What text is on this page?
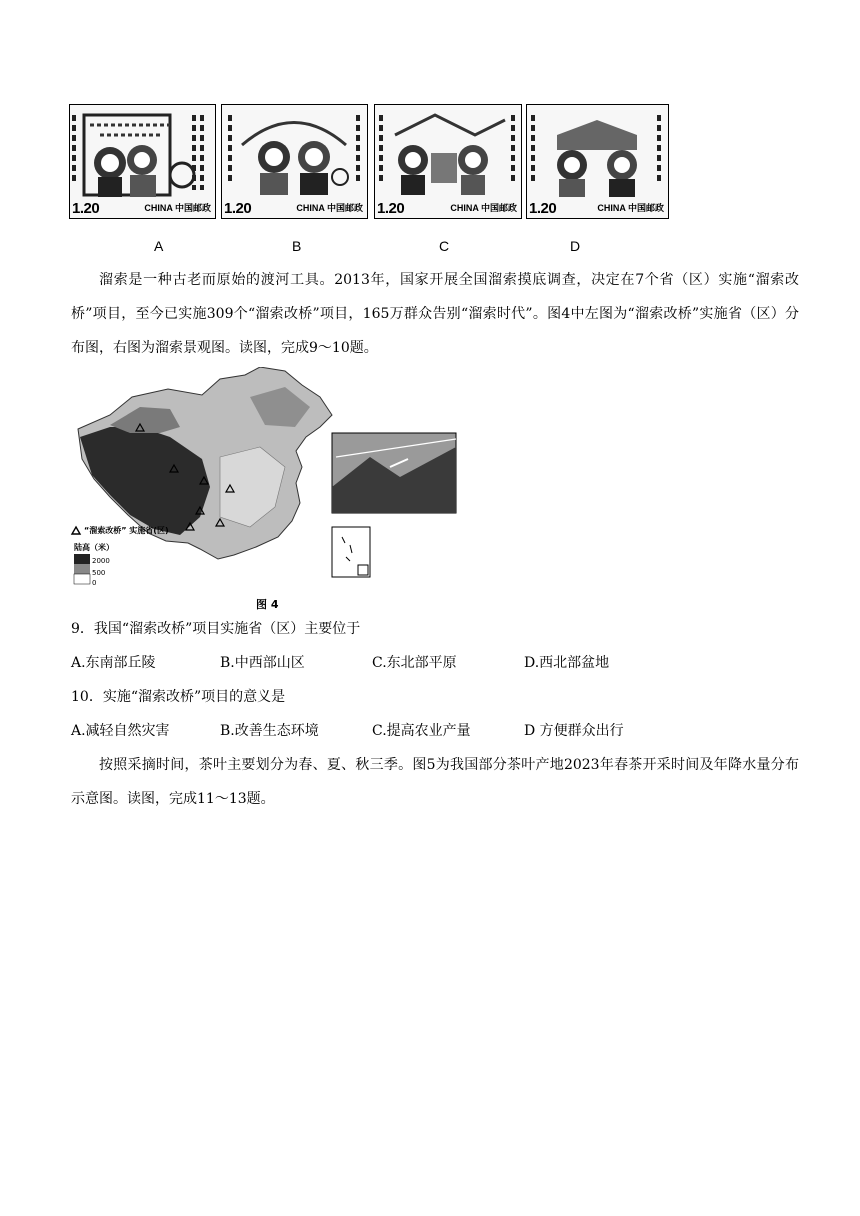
1.20	CHINA 中国邮政 1.20	CHINA 中国邮政 1.20	CHINA 中国邮政 1.20	CHINA 中国邮政
A	B	C	D

溜索是一种古老而原始的渡河工具。2013年，国家开展全国溜索摸底调查，决定在7个省（区）实施“溜索改桥”项目，至今已实施309个“溜索改桥”项目，165万群众告别“溜索时代”。图4中左图为“溜索改桥”实施省（区）分布图，右图为溜索景观图。读图，完成9～10题。

“溜索改桥” 实施省(区)
陆高（米）
2000
500
0
图 4
9．我国“溜索改桥”项目实施省（区）主要位于
A.东南部丘陵	B.中西部山区	C.东北部平原	D.西北部盆地
10．实施“溜索改桥”项目的意义是
A.减轻自然灾害	B.改善生态环境	C.提高农业产量	D 方便群众出行

按照采摘时间，茶叶主要划分为春、夏、秋三季。图5为我国部分茶叶产地2023年春茶开采时间及年降水量分布示意图。读图，完成11～13题。
